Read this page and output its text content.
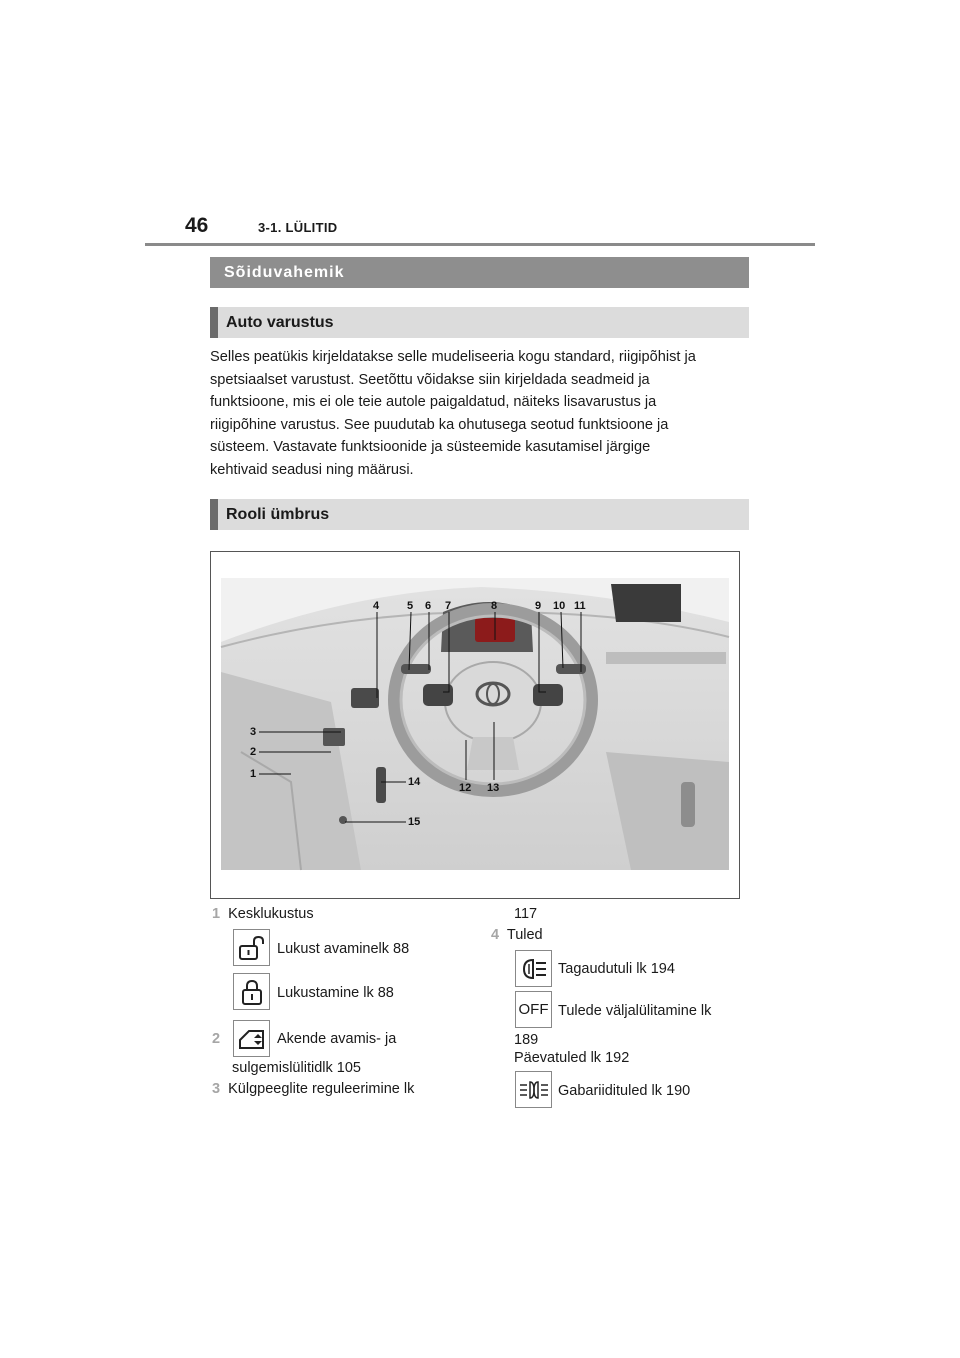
46	3-1. LÜLITID
Sõiduvahemik
Auto varustus
Selles peatükis kirjeldatakse selle mudeliseeria kogu standard, riigipõhist ja
spetsiaalset varustust. Seetõttu võidakse siin kirjeldada seadmeid ja
funktsioone, mis ei ole teie autole paigaldatud, näiteks lisavarustus ja
riigipõhine varustus. See puudutab ka ohutusega seotud funktsioone ja
süsteem. Vastavate funktsioonide ja süsteemide kasutamisel järgige
kehtivaid seadusi ning määrusi.
Rooli ümbrus
4	5 6 7	8	9 10 11
3
2
1
12 13
14
15
1 Kesklukustus
Lukust avaminelk 88
Lukustamine lk 88
2	Akende avamis- ja
sulgemislülitidlk 105
3 Külgpeeglite reguleerimine lk
117
4 Tuled
Tagaudutuli lk 194
OFF Tulede väljalülitamine lk
189
Päevatuled lk 192
Gabariidituled lk 190
